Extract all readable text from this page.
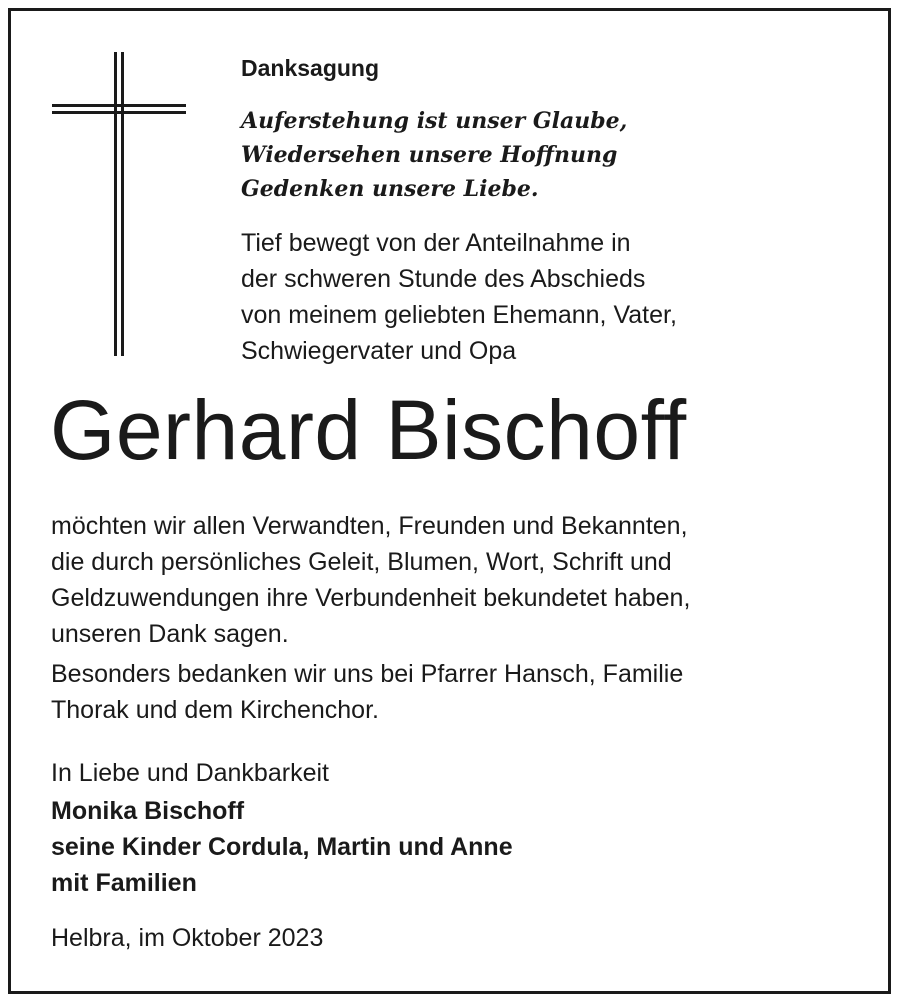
Danksagung
Auferstehung ist unser Glaube,
Wiedersehen unsere Hoffnung
Gedenken unsere Liebe.
Tief bewegt von der Anteilnahme in
der schweren Stunde des Abschieds
von meinem geliebten Ehemann, Vater,
Schwiegervater und Opa
Gerhard Bischoff
möchten wir allen Verwandten, Freunden und Bekannten,
die durch persönliches Geleit, Blumen, Wort, Schrift und
Geldzuwendungen ihre Verbundenheit bekundetet haben,
unseren Dank sagen.
Besonders bedanken wir uns bei Pfarrer Hansch, Familie
Thorak und dem Kirchenchor.
In Liebe und Dankbarkeit
Monika Bischoff
seine Kinder Cordula, Martin und Anne
mit Familien
Helbra, im Oktober 2023
